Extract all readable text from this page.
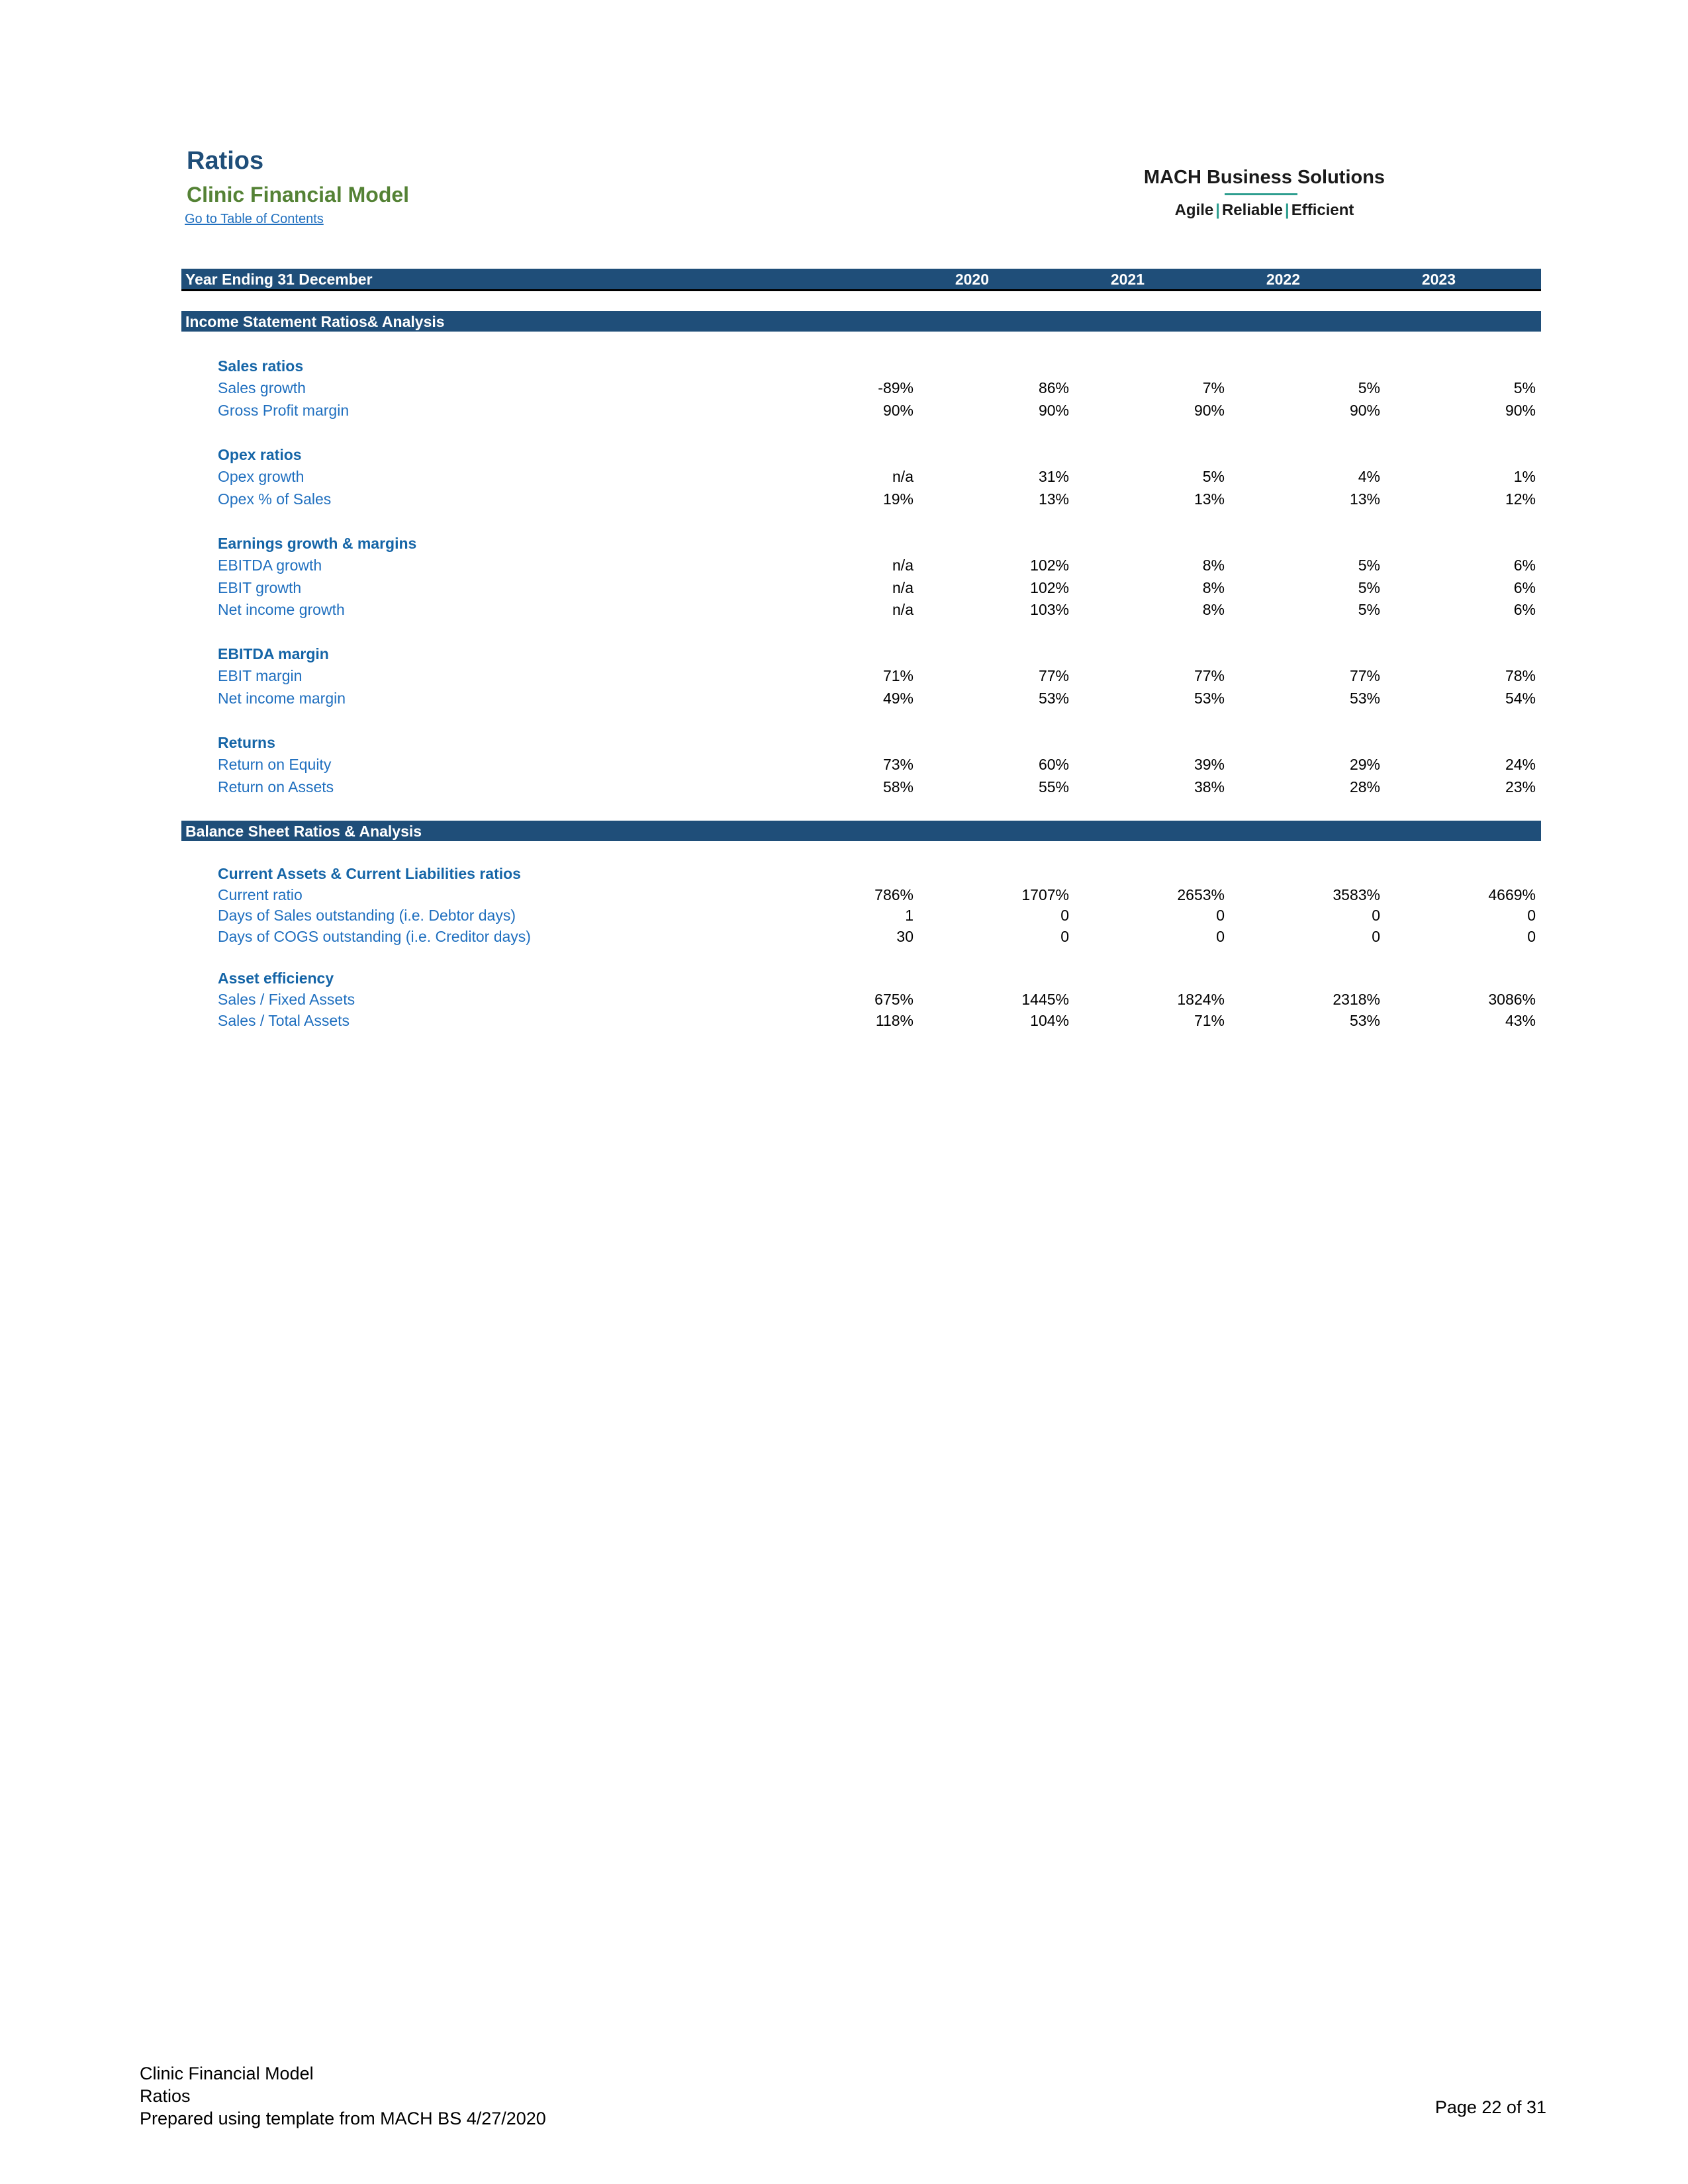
Ratios
Clinic Financial Model
Go to Table of Contents
MACH Business Solutions
Agile | Reliable | Efficient
Year Ending 31 December	2020	2021	2022	2023	2024
Income Statement Ratios& Analysis
Sales ratios
Sales growth	-89%	86%	7%	5%	5%
Gross Profit margin	90%	90%	90%	90%	90%
Opex ratios
Opex growth	n/a	31%	5%	4%	1%
Opex % of Sales	19%	13%	13%	13%	12%
Earnings growth & margins
EBITDA growth	n/a	102%	8%	5%	6%
EBIT growth	n/a	102%	8%	5%	6%
Net income growth	n/a	103%	8%	5%	6%
EBITDA margin
EBIT margin	71%	77%	77%	77%	78%
Net income margin	49%	53%	53%	53%	54%
Returns
Return on Equity	73%	60%	39%	29%	24%
Return on Assets	58%	55%	38%	28%	23%
Balance Sheet Ratios & Analysis
Current Assets & Current Liabilities ratios
Current ratio	786%	1707%	2653%	3583%	4669%
Days of Sales outstanding (i.e. Debtor days)	1	0	0	0	0
Days of COGS outstanding (i.e. Creditor days)	30	0	0	0	0
Asset efficiency
Sales / Fixed Assets	675%	1445%	1824%	2318%	3086%
Sales / Total Assets	118%	104%	71%	53%	43%
Clinic Financial Model
Ratios
Prepared using template from MACH BS 4/27/2020
Page 22 of 31
